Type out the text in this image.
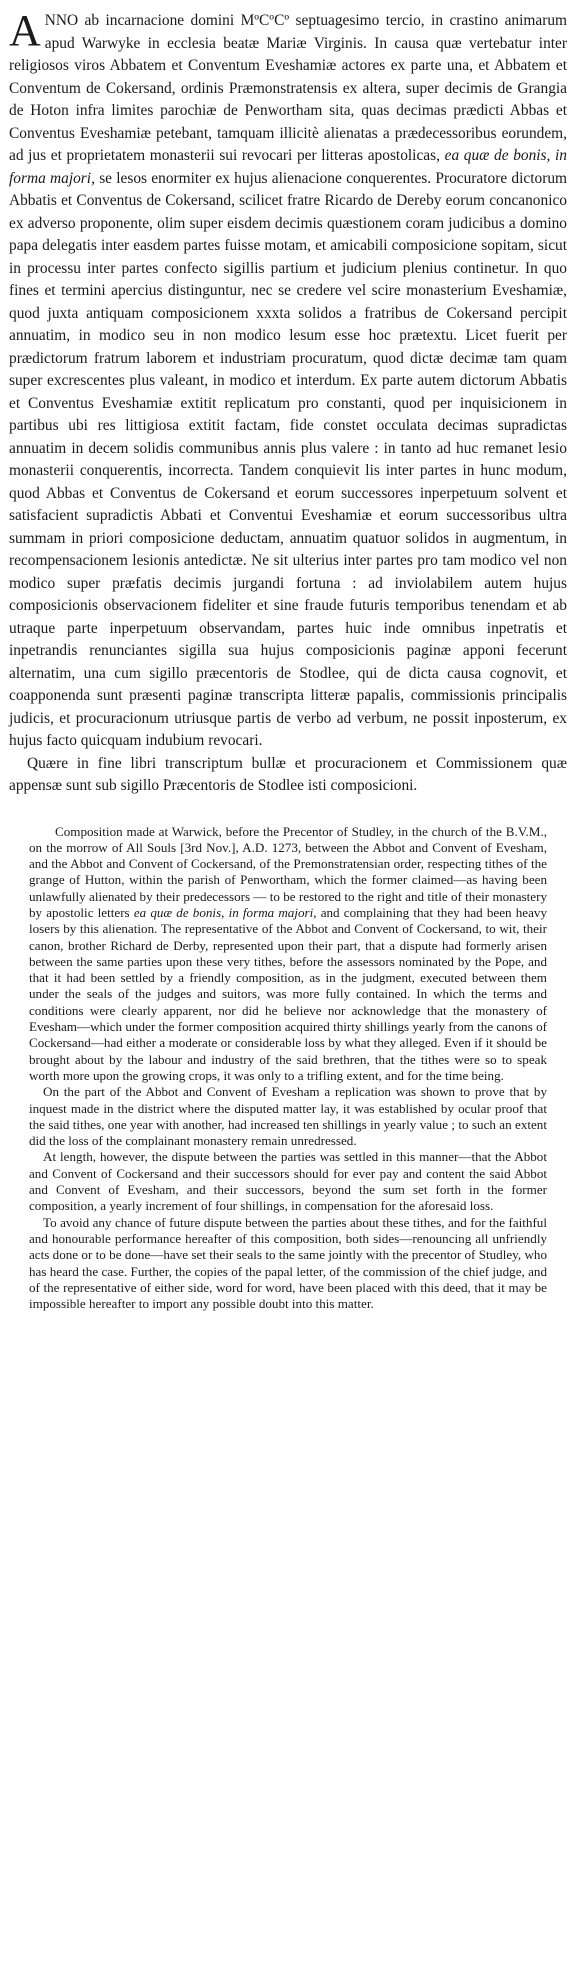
ANNO ab incarnacione domini MºCºCº septuagesimo tercio, in crastino animarum apud Warwyke in ecclesia beatæ Mariæ Virginis. In causa quæ vertebatur inter religiosos viros Abbatem et Conventum Eveshamiæ actores ex parte una, et Abbatem et Conventum de Cokersand, ordinis Præmonstratensis ex altera, super decimis de Grangia de Hoton infra limites parochiæ de Penwortham sita, quas decimas prædicti Abbas et Conventus Eveshamiæ petebant, tamquam illicitè alienatas a prædecessoribus eorundem, ad jus et proprietatem monasterii sui revocari per litteras apostolicas, ea quæ de bonis, in forma majori, se lesos enormiter ex hujus alienacione conquerentes. Procuratore dictorum Abbatis et Conventus de Cokersand, scilicet fratre Ricardo de Dereby eorum concanonico ex adverso proponente, olim super eisdem decimis quæstionem coram judicibus a domino papa delegatis inter easdem partes fuisse motam, et amicabili composicione sopitam, sicut in processu inter partes confecto sigillis partium et judicium plenius continetur. In quo fines et termini apercius distinguntur, nec se credere vel scire monasterium Eveshamiæ, quod juxta antiquam composicionem xxxta solidos a fratribus de Cokersand percipit annuatim, in modico seu in non modico lesum esse hoc prætextu. Licet fuerit per prædictorum fratrum laborem et industriam procuratum, quod dictæ decimæ tam quam super excrescentes plus valeant, in modico et interdum. Ex parte autem dictorum Abbatis et Conventus Eveshamiæ extitit replicatum pro constanti, quod per inquisicionem in partibus ubi res littigiosa extitit factam, fide constet occulata decimas supradictas annuatim in decem solidis communibus annis plus valere : in tanto ad huc remanet lesio monasterii conquerentis, incorrecta. Tandem conquievit lis inter partes in hunc modum, quod Abbas et Conventus de Cokersand et eorum successores inperpetuum solvent et satisfacient supradictis Abbati et Conventui Eveshamiæ et eorum successoribus ultra summam in priori composicione deductam, annuatim quatuor solidos in augmentum, in recompensacionem lesionis antedictæ. Ne sit ulterius inter partes pro tam modico vel non modico super præfatis decimis jurgandi fortuna : ad inviolabilem autem hujus composicionis observacionem fideliter et sine fraude futuris temporibus tenendam et ab utraque parte inperpetuum observandam, partes huic inde omnibus inpetratis et inpetrandis renunciantes sigilla sua hujus composicionis paginæ apponi fecerunt alternatim, una cum sigillo præcentoris de Stodlee, qui de dicta causa cognovit, et coapponenda sunt præsenti paginæ transcripta litteræ papalis, commissionis principalis judicis, et procuracionum utriusque partis de verbo ad verbum, ne possit inposterum, ex hujus facto quicquam indubium revocari.

Quære in fine libri transcriptum bullæ et procuracionem et Commissionem quæ appensæ sunt sub sigillo Præcentoris de Stodlee isti composicioni.

Composition made at Warwick, before the Precentor of Studley, in the church of the B.V.M., on the morrow of All Souls [3rd Nov.], A.D. 1273, between the Abbot and Convent of Evesham, and the Abbot and Convent of Cockersand, of the Premonstratensian order, respecting tithes of the grange of Hutton, within the parish of Penwortham, which the former claimed—as having been unlawfully alienated by their predecessors — to be restored to the right and title of their monastery by apostolic letters ea quæ de bonis, in forma majori, and complaining that they had been heavy losers by this alienation. The representative of the Abbot and Convent of Cockersand, to wit, their canon, brother Richard de Derby, represented upon their part, that a dispute had formerly arisen between the same parties upon these very tithes, before the assessors nominated by the Pope, and that it had been settled by a friendly composition, as in the judgment, executed between them under the seals of the judges and suitors, was more fully contained. In which the terms and conditions were clearly apparent, nor did he believe nor acknowledge that the monastery of Evesham—which under the former composition acquired thirty shillings yearly from the canons of Cockersand—had either a moderate or considerable loss by what they alleged. Even if it should be brought about by the labour and industry of the said brethren, that the tithes were so to speak worth more upon the growing crops, it was only to a trifling extent, and for the time being.

On the part of the Abbot and Convent of Evesham a replication was shown to prove that by inquest made in the district where the disputed matter lay, it was established by ocular proof that the said tithes, one year with another, had increased ten shillings in yearly value ; to such an extent did the loss of the complainant monastery remain unredressed.

At length, however, the dispute between the parties was settled in this manner—that the Abbot and Convent of Cockersand and their successors should for ever pay and content the said Abbot and Convent of Evesham, and their successors, beyond the sum set forth in the former composition, a yearly increment of four shillings, in compensation for the aforesaid loss.

To avoid any chance of future dispute between the parties about these tithes, and for the faithful and honourable performance hereafter of this composition, both sides—renouncing all unfriendly acts done or to be done—have set their seals to the same jointly with the precentor of Studley, who has heard the case. Further, the copies of the papal letter, of the commission of the chief judge, and of the representative of either side, word for word, have been placed with this deed, that it may be impossible hereafter to import any possible doubt into this matter.
